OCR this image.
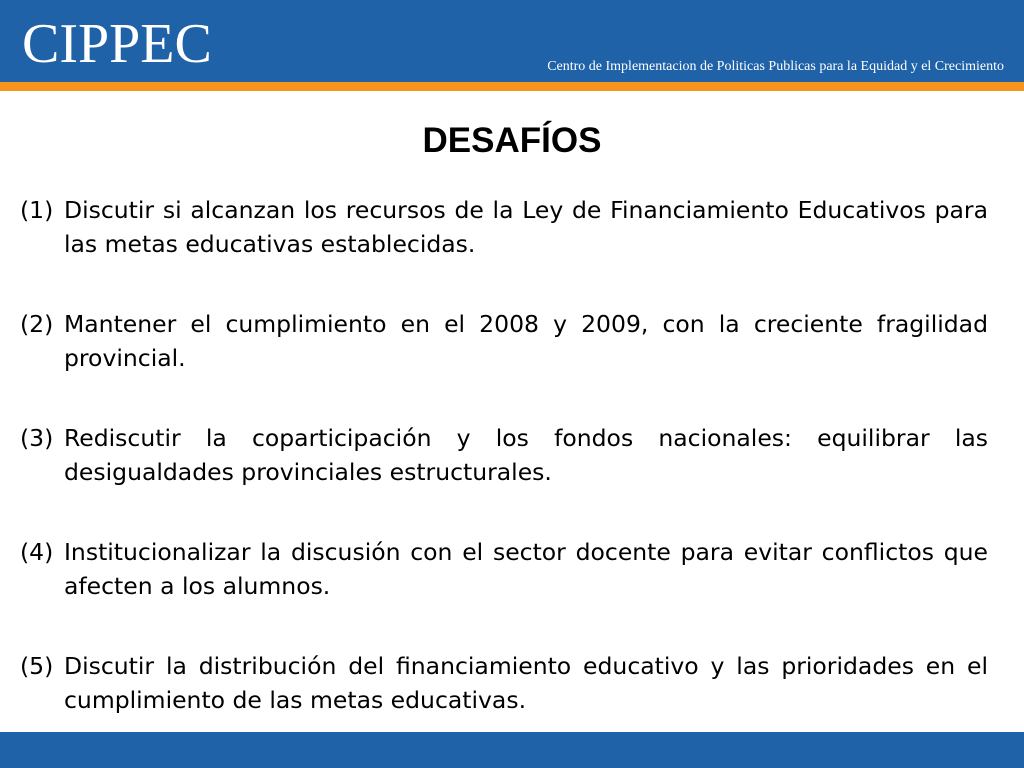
CIPPEC	Centro de Implementacion de Politicas Publicas para la Equidad y el Crecimiento
DESAFÍOS
(1) Discutir si alcanzan los recursos de la Ley de Financiamiento Educativos para las metas educativas establecidas.
(2) Mantener el cumplimiento en el 2008 y 2009, con la creciente fragilidad provincial.
(3) Rediscutir la coparticipación y los fondos nacionales: equilibrar las desigualdades provinciales estructurales.
(4) Institucionalizar la discusión con el sector docente para evitar conflictos que afecten a los alumnos.
(5) Discutir la distribución del financiamiento educativo y las prioridades en el cumplimiento de las metas educativas.
